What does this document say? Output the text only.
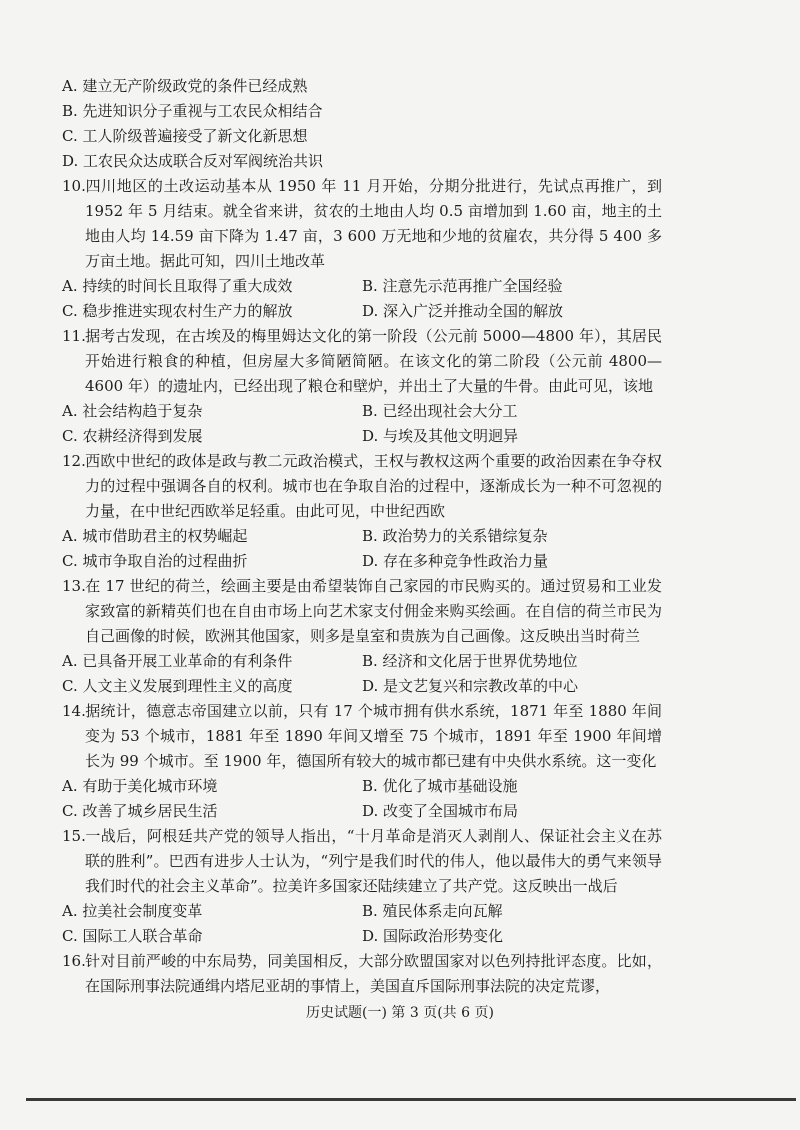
A. 建立无产阶级政党的条件已经成熟
B. 先进知识分子重视与工农民众相结合
C. 工人阶级普遍接受了新文化新思想
D. 工农民众达成联合反对军阀统治共识
10.四川地区的土改运动基本从 1950 年 11 月开始，分期分批进行，先试点再推广，到 1952 年 5 月结束。就全省来讲，贫农的土地由人均 0.5 亩增加到 1.60 亩，地主的土地由人均 14.59 亩下降为 1.47 亩，3 600 万无地和少地的贫雇农，共分得 5 400 多万亩土地。据此可知，四川土地改革
A. 持续的时间长且取得了重大成效	B. 注意先示范再推广全国经验
C. 稳步推进实现农村生产力的解放	D. 深入广泛并推动全国的解放
11.据考古发现，在古埃及的梅里姆达文化的第一阶段（公元前 5000—4800 年），其居民开始进行粮食的种植，但房屋大多简陋简陋。在该文化的第二阶段（公元前 4800—4600 年）的遗址内，已经出现了粮仓和壁炉，并出土了大量的牛骨。由此可见，该地
A. 社会结构趋于复杂	B. 已经出现社会大分工
C. 农耕经济得到发展	D. 与埃及其他文明迥异
12.西欧中世纪的政体是政与教二元政治模式，王权与教权这两个重要的政治因素在争夺权力的过程中强调各自的权利。城市也在争取自治的过程中，逐渐成长为一种不可忽视的力量，在中世纪西欧举足轻重。由此可见，中世纪西欧
A. 城市借助君主的权势崛起	B. 政治势力的关系错综复杂
C. 城市争取自治的过程曲折	D. 存在多种竞争性政治力量
13.在 17 世纪的荷兰，绘画主要是由希望装饰自己家园的市民购买的。通过贸易和工业发家致富的新精英们也在自由市场上向艺术家支付佣金来购买绘画。在自信的荷兰市民为自己画像的时候，欧洲其他国家，则多是皇室和贵族为自己画像。这反映出当时荷兰
A. 已具备开展工业革命的有利条件	B. 经济和文化居于世界优势地位
C. 人文主义发展到理性主义的高度	D. 是文艺复兴和宗教改革的中心
14.据统计，德意志帝国建立以前，只有 17 个城市拥有供水系统，1871 年至 1880 年间变为 53 个城市，1881 年至 1890 年间又增至 75 个城市，1891 年至 1900 年间增长为 99 个城市。至 1900 年，德国所有较大的城市都已建有中央供水系统。这一变化
A. 有助于美化城市环境	B. 优化了城市基础设施
C. 改善了城乡居民生活	D. 改变了全国城市布局
15.一战后，阿根廷共产党的领导人指出，“十月革命是消灭人剥削人、保证社会主义在苏联的胜利”。巴西有进步人士认为，“列宁是我们时代的伟人，他以最伟大的勇气来领导我们时代的社会主义革命”。拉美许多国家还陆续建立了共产党。这反映出一战后
A. 拉美社会制度变革	B. 殖民体系走向瓦解
C. 国际工人联合革命	D. 国际政治形势变化
16.针对目前严峻的中东局势，同美国相反，大部分欧盟国家对以色列持批评态度。比如，在国际刑事法院通缉内塔尼亚胡的事情上，美国直斥国际刑事法院的决定荒谬，
历史试题(一) 第 3 页(共 6 页)
